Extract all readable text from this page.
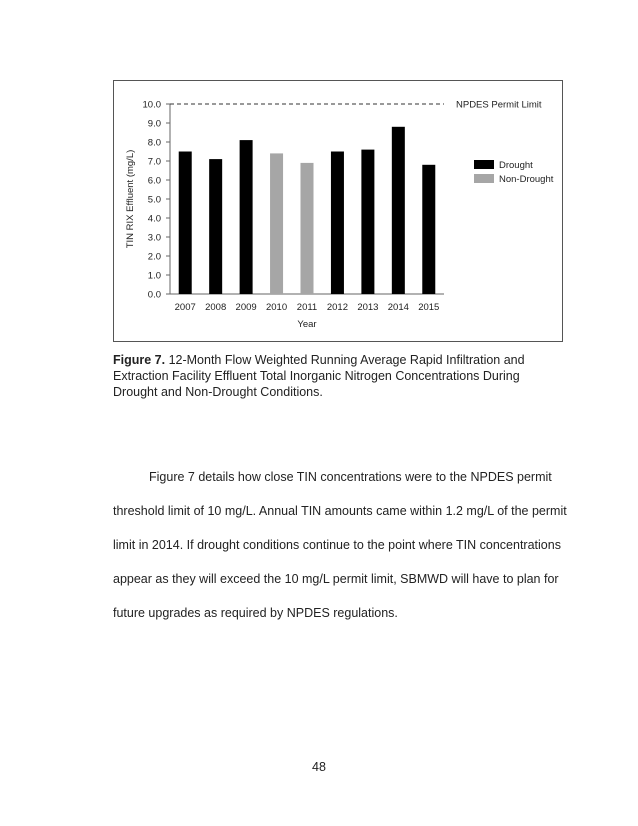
0.0
1.0
2.0
3.0
4.0
5.0
6.0
7.0
8.0
9.0
10.0	NPDES Permit Limit
2007 2008 2009 2010 2011 2012 2013 2014 2015
Year
TIN RIX Effluent (mg/L)	Drought
Non-Drought
Figure 7. 12-Month Flow Weighted Running Average Rapid Infiltration and Extraction Facility Effluent Total Inorganic Nitrogen Concentrations During Drought and Non-Drought Conditions.

Figure 7 details how close TIN concentrations were to the NPDES permit threshold limit of 10 mg/L. Annual TIN amounts came within 1.2 mg/L of the permit limit in 2014. If drought conditions continue to the point where TIN concentrations appear as they will exceed the 10 mg/L permit limit, SBMWD will have to plan for future upgrades as required by NPDES regulations.

48
